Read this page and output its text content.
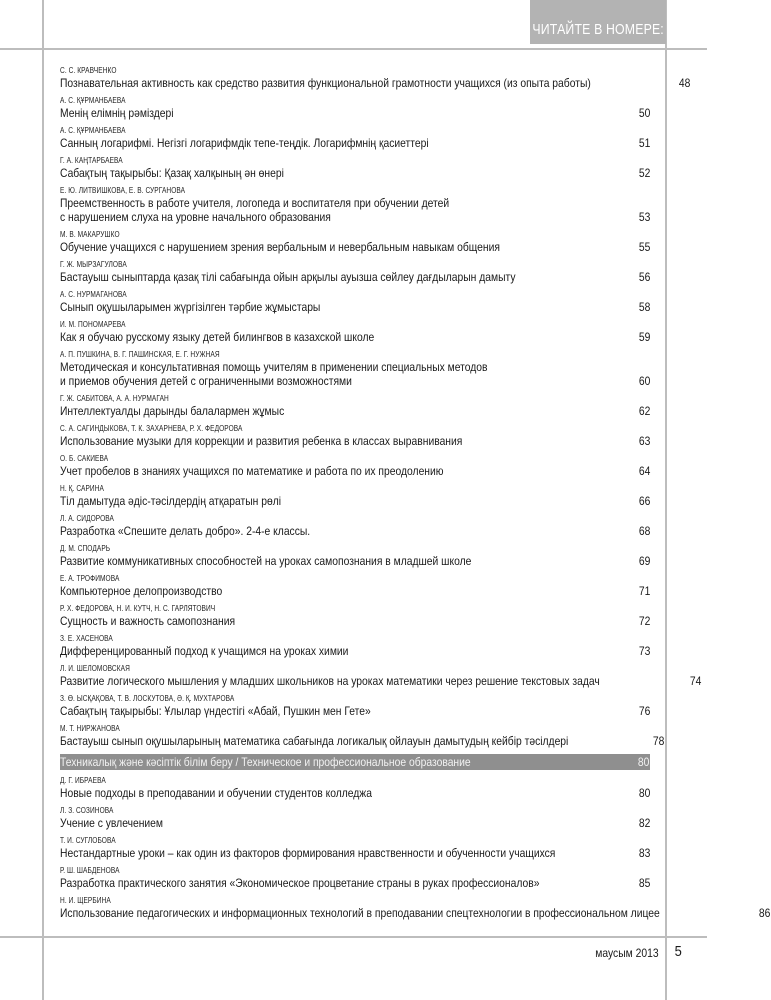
ЧИТАЙТЕ В НОМЕРЕ:
С. С. КРАВЧЕНКО
Познавательная активность как средство развития функциональной грамотности учащихся (из опыта работы)	48
А. С. ҚҰРМАНБАЕВА
Менің елімнің рәміздері	50
А. С. ҚҰРМАНБАЕВА
Санның логарифмі. Негізгі логарифмдік тепе-теңдік. Логарифмнің қасиеттері	51
Г. А. КАҢТАРБАЕВА
Сабақтың тақырыбы: Қазақ халқының ән өнері	52
Е. Ю. ЛИТВИШКОВА, Е. В. СУРГАНОВА
Преемственность в работе учителя, логопеда и воспитателя при обучении детей
с нарушением слуха на уровне начального образования	53
М. В. МАКАРУШКО
Обучение учащихся с нарушением зрения вербальным и невербальным навыкам общения	55
Г. Ж. МЫРЗАГУЛОВА
Бастауыш сыныптарда қазақ тілі сабағында ойын арқылы ауызша сөйлеу дағдыларын дамыту	56
А. С. НУРМАГАНОВА
Сынып оқушыларымен жүргізілген тәрбие жұмыстары	58
И. М. ПОНОМАРЕВА
Как я обучаю русскому языку детей билингвов в казахской школе	59
А. П. ПУШКИНА, В. Г. ПАШИНСКАЯ, Е. Г. НУЖНАЯ
Методическая и консультативная помощь учителям в применении специальных методов
и приемов обучения детей с ограниченными возможностями	60
Г. Ж. САБИТОВА, А. А. НУРМАГАН
Интеллектуалды дарынды балалармен жұмыс	62
С. А. САГИНДЫКОВА, Т. К. ЗАХАРНЕВА, Р. Х. ФЕДОРОВА
Использование музыки для коррекции и развития ребенка в классах выравнивания	63
О. Б. САКИЕВА
Учет пробелов в знаниях учащихся по математике и работа по их преодолению	64
Н. Қ. САРИНА
Тіл дамытуда әдіс-тәсілдердің атқаратын рөлі	66
Л. А. СИДОРОВА
Разработка «Спешите делать добро». 2-4-е классы.	68
Д. М. СПОДАРЬ
Развитие коммуникативных способностей на уроках самопознания в младшей школе	69
Е. А. ТРОФИМОВА
Компьютерное делопроизводство	71
Р. Х. ФЕДОРОВА, Н. И. КУТЧ, Н. С. ГАРЛЯТОВИЧ
Сущность и важность самопознания	72
З. Е. ХАСЕНОВА
Дифференцированный подход к учащимся на уроках химии	73
Л. И. ШЕЛОМОВСКАЯ
Развитие логического мышления у младших школьников на уроках математики через решение текстовых задач	74
З. Ө. ЫСҚАҚОВА, Т. В. ЛОСКУТОВА, Ә. Қ. МУХТАРОВА
Сабақтың тақырыбы: Ұлылар үндестігі «Абай, Пушкин мен Гете»	76
М. Т. НИРЖАНОВА
Бастауыш сынып оқушыларының математика сабағында логикалық ойлауын дамытудың кейбір тәсілдері	78
Техникалық және кәсіптік білім беру / Техническое и профессиональное образование	80
Д. Г. ИБРАЕВА
Новые подходы в преподавании и обучении студентов колледжа	80
Л. З. СОЗИНОВА
Учение с увлечением	82
Т. И. СУГЛОБОВА
Нестандартные уроки – как один из факторов формирования нравственности и обученности учащихся	83
Р. Ш. ШАБДЕНОВА
Разработка практического занятия «Экономическое процветание страны в руках профессионалов»	85
Н. И. ЩЕРБИНА
Использование педагогических и информационных технологий в преподавании спецтехнологии в профессиональном лицее	86
маусым 2013 5
